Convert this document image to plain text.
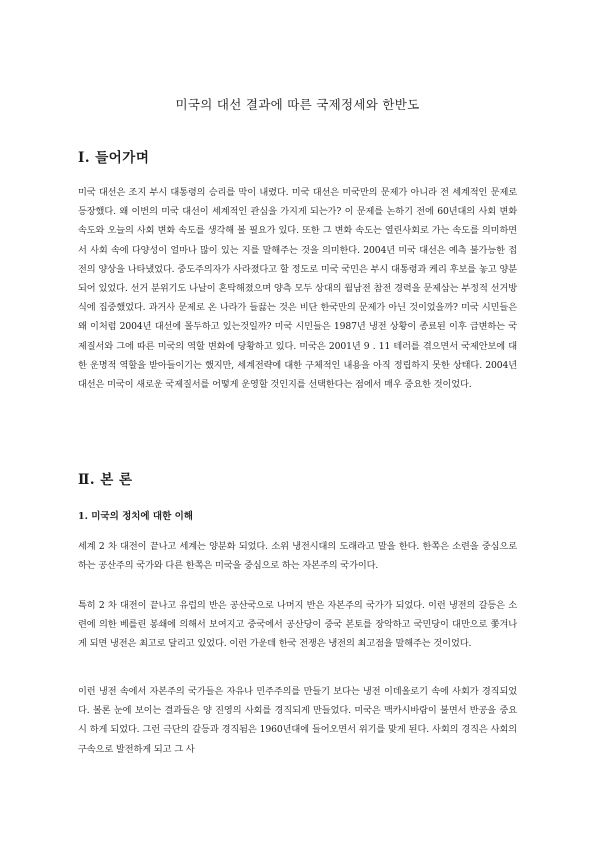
미국의 대선 결과에 따른 국제정세와 한반도
Ⅰ. 들어가며
미국 대선은 조지 부시 대통령의 승리를 막이 내렸다. 미국 대선은 미국만의 문제가 아니라 전 세계적인 문제로 등장했다. 왜 이번의 미국 대선이 세계적인 관심을 가지게 되는가? 이 문제를 논하기 전에 60년대의 사회 변화 속도와 오늘의 사회 변화 속도를 생각해 볼 필요가 있다. 또한 그 변화 속도는 열린사회로 가는 속도를 의미하면서 사회 속에 다양성이 얼마나 많이 있는 지를 말해주는 것을 의미한다. 2004년 미국 대선은 예측 불가능한 접전의 양상을 나타냈었다. 중도주의자가 사라졌다고 할 정도로 미국 국민은 부시 대통령과 케리 후보를 놓고 양분되어 있었다. 선거 분위기도 나날이 혼탁해졌으며 양측 모두 상대의 월남전 참전 경력을 문제삼는 부정적 선거방식에 집중했었다. 과거사 문제로 온 나라가 들끓는 것은 비단 한국만의 문제가 아닌 것이었을까? 미국 시민들은 왜 이처럼 2004년 대선에 몰두하고 있는것일까? 미국 시민들은 1987년 냉전 상황이 종료된 이후 급변하는 국제질서와 그에 따른 미국의 역할 변화에 당황하고 있다. 미국은 2001년 9 . 11 테러를 겪으면서 국제안보에 대한 운명적 역할을 받아들이기는 했지만, 세계전략에 대한 구체적인 내용을 아직 정립하지 못한 상태다. 2004년 대선은 미국이 새로운 국제질서를 어떻게 운영할 것인지를 선택한다는 점에서 매우 중요한 것이었다.
Ⅱ. 본 론
1. 미국의 정치에 대한 이해
세계 2 차 대전이 끝나고 세계는 양분화 되었다. 소위 냉전시대의 도래라고 말을 한다. 한쪽은 소련을 중심으로 하는 공산주의 국가와 다른 한쪽은 미국을 중심으로 하는 자본주의 국가이다.
특히 2 차 대전이 끝나고 유럽의 반은 공산국으로 나머지 반은 자본주의 국가가 되었다. 이런 냉전의 갈등은 소련에 의한 베를린 봉쇄에 의해서 보여지고 중국에서 공산당이 중국 본토를 장악하고 국민당이 대만으로 쫓겨나게 되면 냉전은 최고로 달리고 있었다. 이런 가운데 한국 전쟁은 냉전의 최고점을 말해주는 것이었다.
이런 냉전 속에서 자본주의 국가들은 자유나 민주주의를 만들기 보다는 냉전 이데올로기 속에 사회가 경직되었다. 볼론 눈에 보이는 결과들은 양 진영의 사회를 경직되게 만들었다. 미국은 맥카시바람이 불면서 반공을 중요시 하게 되었다. 그런 극단의 갈등과 경직됨은 1960년대에 들어오면서 위기를 맞게 된다. 사회의 경직은 사회의 구속으로 발전하게 되고 그 사
